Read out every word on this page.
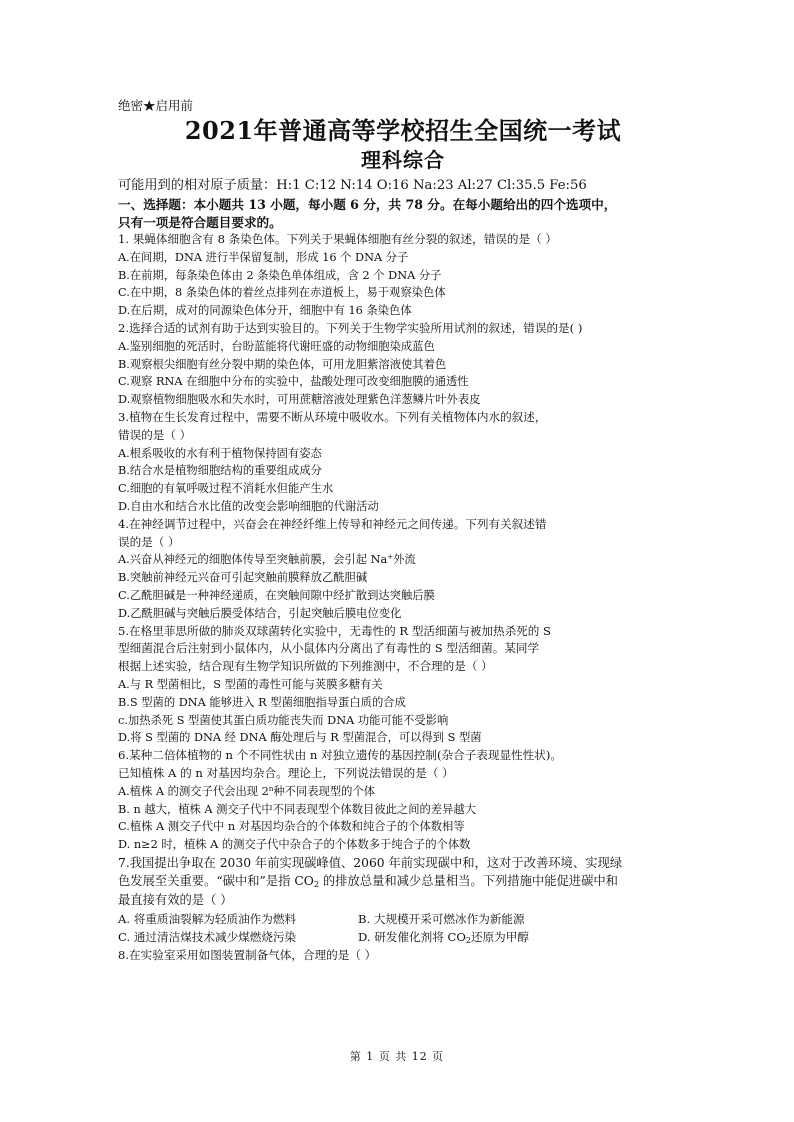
绝密★启用前
2021年普通高等学校招生全国统一考试
理科综合
可能用到的相对原子质量：H:1 C:12 N:14 O:16 Na:23 Al:27 Cl:35.5 Fe:56
一、选择题：本小题共 13 小题，每小题 6 分，共 78 分。在每小题给出的四个选项中，
只有一项是符合题目要求的。
1. 果蝇体细胞含有 8 条染色体。下列关于果蝇体细胞有丝分裂的叙述，错误的是（ ）
A.在间期，DNA 进行半保留复制，形成 16 个 DNA 分子
B.在前期，每条染色体由 2 条染色单体组成，含 2 个 DNA 分子
C.在中期，8 条染色体的着丝点排列在赤道板上，易于观察染色体
D.在后期，成对的同源染色体分开，细胞中有 16 条染色体
2.选择合适的试剂有助于达到实验目的。下列关于生物学实验所用试剂的叙述，错误的是( )
A.鉴别细胞的死活时，台盼蓝能将代谢旺盛的动物细胞染成蓝色
B.观察根尖细胞有丝分裂中期的染色体，可用龙胆紫溶液使其着色
C.观察 RNA 在细胞中分布的实验中，盐酸处理可改变细胞膜的通透性
D.观察植物细胞吸水和失水时，可用蔗糖溶液处理紫色洋葱鳞片叶外表皮
3.植物在生长发育过程中，需要不断从环境中吸收水。下列有关植物体内水的叙述，
错误的是（ ）
A.根系吸收的水有利于植物保持固有姿态
B.结合水是植物细胞结构的重要组成成分
C.细胞的有氧呼吸过程不消耗水但能产生水
D.自由水和结合水比值的改变会影响细胞的代谢活动
4.在神经调节过程中，兴奋会在神经纤维上传导和神经元之间传递。下列有关叙述错
误的是（ ）
A.兴奋从神经元的细胞体传导至突触前膜，会引起 Na+外流
B.突触前神经元兴奋可引起突触前膜释放乙酰胆碱
C.乙酰胆碱是一种神经递质，在突触间隙中经扩散到达突触后膜
D.乙酰胆碱与突触后膜受体结合，引起突触后膜电位变化
5.在格里菲思所做的肺炎双球菌转化实验中，无毒性的 R 型活细菌与被加热杀死的 S
型细菌混合后注射到小鼠体内，从小鼠体内分离出了有毒性的 S 型活细菌。某同学
根据上述实验，结合现有生物学知识所做的下列推测中，不合理的是（ ）
A.与 R 型菌相比，S 型菌的毒性可能与荚膜多糖有关
B.S 型菌的 DNA 能够进入 R 型菌细胞指导蛋白质的合成
c.加热杀死 S 型菌使其蛋白质功能丧失而 DNA 功能可能不受影响
D.将 S 型菌的 DNA 经 DNA 酶处理后与 R 型菌混合，可以得到 S 型菌
6.某种二倍体植物的 n 个不同性状由 n 对独立遗传的基因控制(杂合子表现显性性状)。
已知植株 A 的 n 对基因均杂合。理论上，下列说法错误的是（ ）
A.植株 A 的测交子代会出现 2$^n$种不同表现型的个体
B. n 越大，植株 A 测交子代中不同表现型个体数目彼此之间的差异越大
C.植株 A 测交子代中 n 对基因均杂合的个体数和纯合子的个体数相等
D. n≥2 时，植株 A 的测交子代中杂合子的个体数多于纯合子的个体数
7.我国提出争取在 2030 年前实现碳峰值、2060 年前实现碳中和，这对于改善环境、实现绿
色发展至关重要。“碳中和”是指 $CO_2$ 的排放总量和减少总量相当。下列措施中能促进碳中和
最直接有效的是（ ）
A. 将重质油裂解为轻质油作为燃料	B. 大规模开采可燃冰作为新能源
C. 通过清洁煤技术减少煤燃烧污染	D. 研发催化剂将 $CO_2$还原为甲醇
8.在实验室采用如图装置制备气体，合理的是（ ）
第 1 页 共 12 页
